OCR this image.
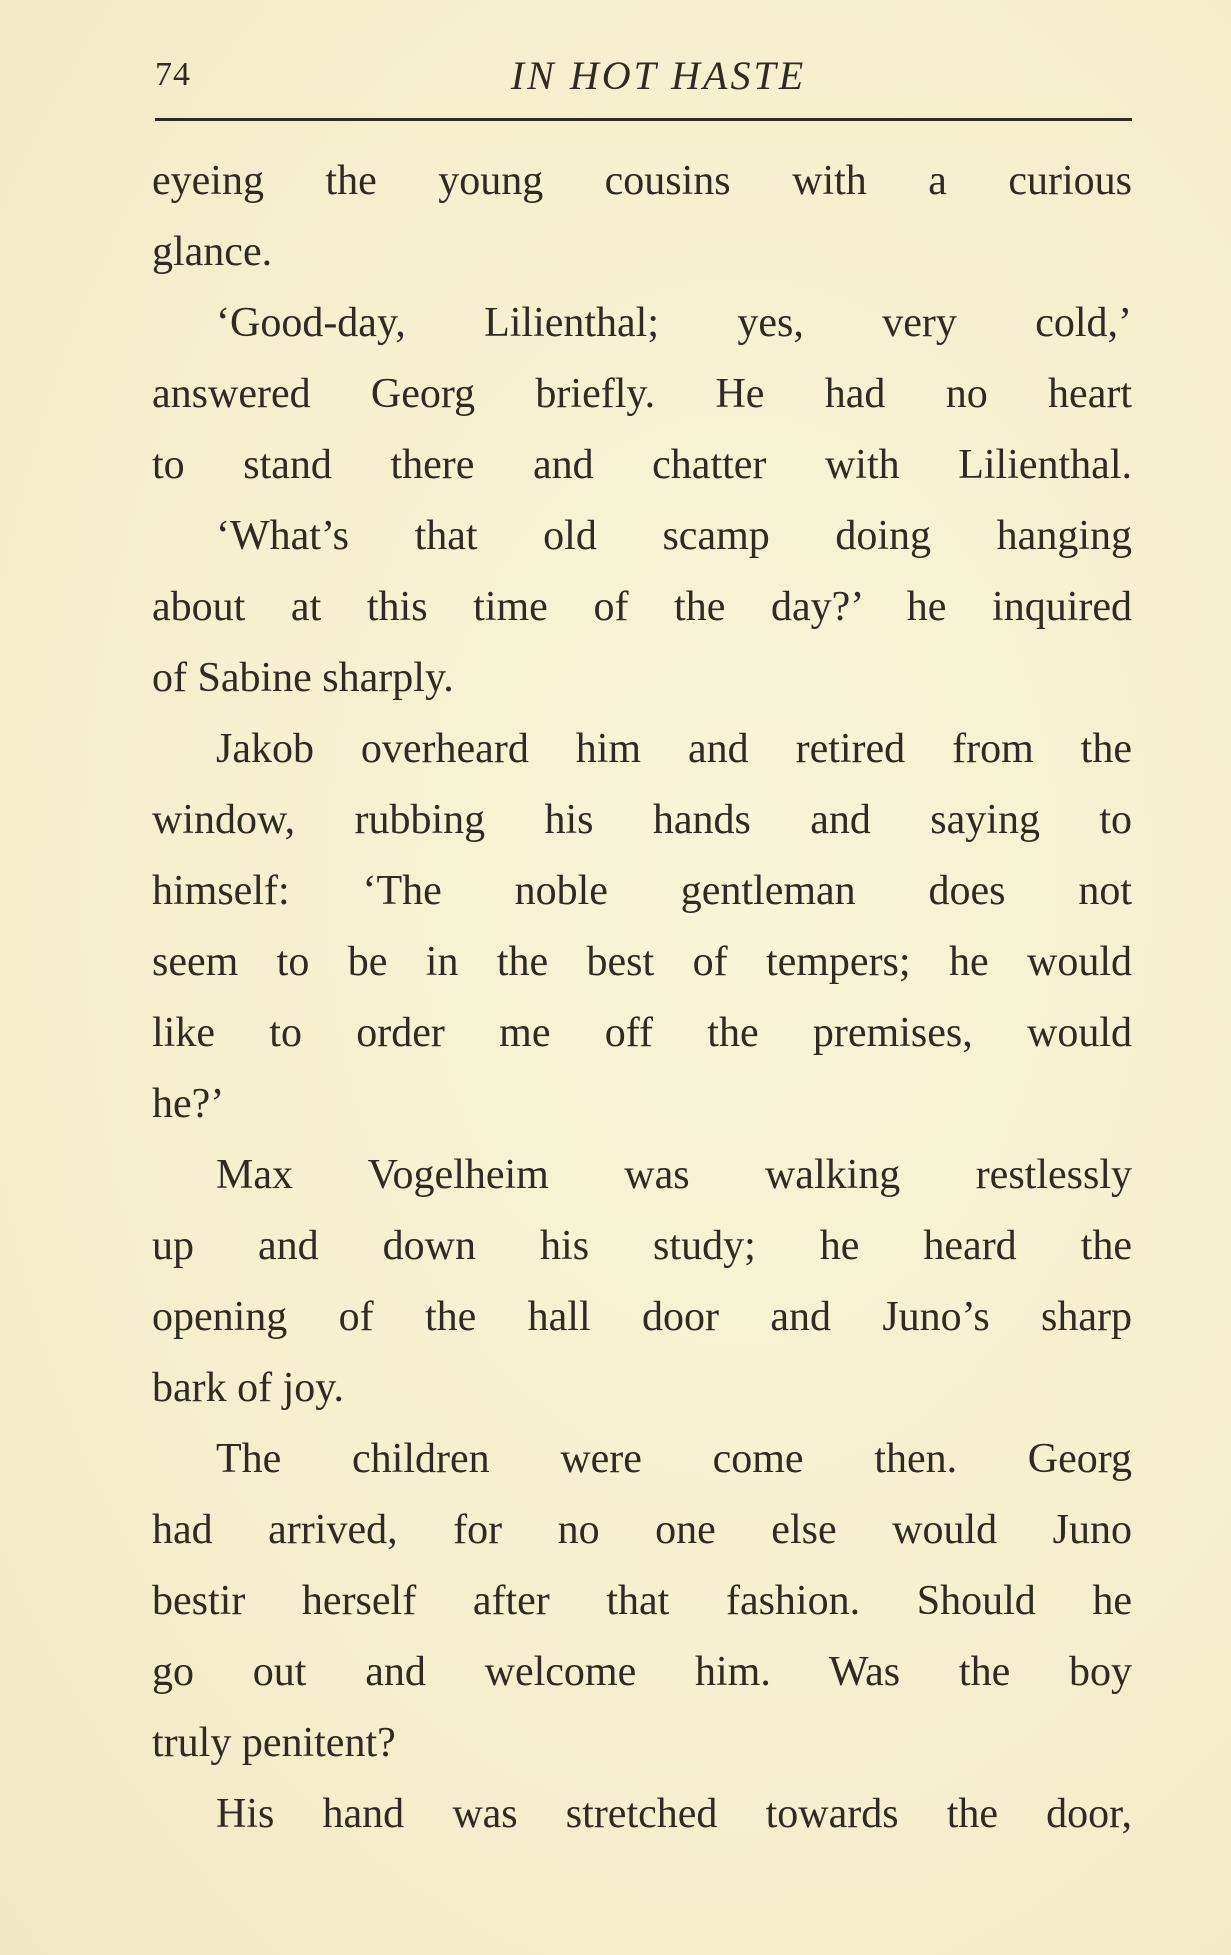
74	IN HOT HASTE
eyeing the young cousins with a curious
glance.
‘Good-day, Lilienthal; yes, very cold,’
answered Georg briefly. He had no heart
to stand there and chatter with Lilienthal.
‘What’s that old scamp doing hanging
about at this time of the day?’ he inquired
of Sabine sharply.
Jakob overheard him and retired from the
window, rubbing his hands and saying to
himself: ‘The noble gentleman does not
seem to be in the best of tempers; he would
like to order me off the premises, would
he?’
Max Vogelheim was walking restlessly
up and down his study; he heard the
opening of the hall door and Juno’s sharp
bark of joy.
The children were come then. Georg
had arrived, for no one else would Juno
bestir herself after that fashion. Should he
go out and welcome him. Was the boy
truly penitent?
His hand was stretched towards the door,
